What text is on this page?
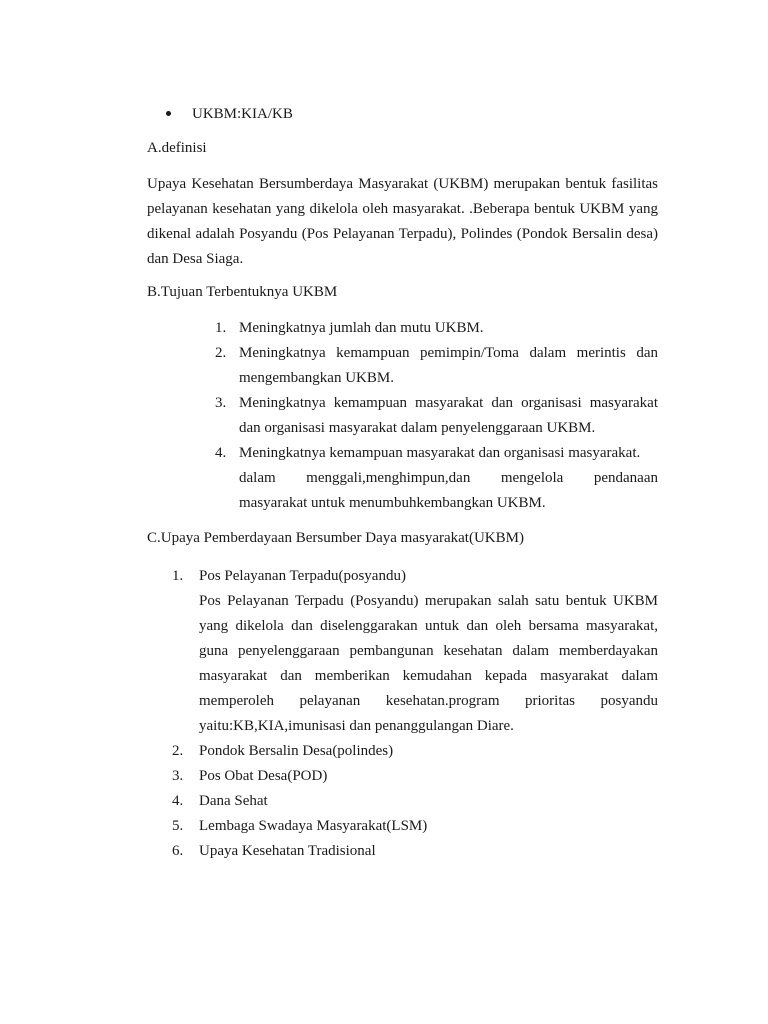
UKBM:KIA/KB
A.definisi
Upaya Kesehatan Bersumberdaya Masyarakat (UKBM) merupakan bentuk fasilitas pelayanan kesehatan yang dikelola oleh masyarakat. .Beberapa bentuk UKBM yang dikenal adalah Posyandu (Pos Pelayanan Terpadu), Polindes (Pondok Bersalin desa) dan Desa Siaga.
B.Tujuan Terbentuknya UKBM
1. Meningkatnya jumlah dan mutu UKBM.
2. Meningkatnya kemampuan pemimpin/Toma dalam merintis dan mengembangkan UKBM.
3. Meningkatnya kemampuan masyarakat dan organisasi masyarakat dan organisasi masyarakat dalam penyelenggaraan UKBM.
4. Meningkatnya kemampuan masyarakat dan organisasi masyarakat.
dalam menggali,menghimpun,dan mengelola pendanaan
masyarakat untuk menumbuhkembangkan UKBM.
C.Upaya Pemberdayaan Bersumber Daya masyarakat(UKBM)
1. Pos Pelayanan Terpadu(posyandu)
Pos Pelayanan Terpadu (Posyandu) merupakan salah satu bentuk UKBM yang dikelola dan diselenggarakan untuk dan oleh bersama masyarakat, guna penyelenggaraan pembangunan kesehatan dalam memberdayakan masyarakat dan memberikan kemudahan kepada masyarakat dalam memperoleh pelayanan kesehatan.program prioritas posyandu yaitu:KB,KIA,imunisasi dan penanggulangan Diare.
2. Pondok Bersalin Desa(polindes)
3. Pos Obat Desa(POD)
4. Dana Sehat
5. Lembaga Swadaya Masyarakat(LSM)
6. Upaya Kesehatan Tradisional
